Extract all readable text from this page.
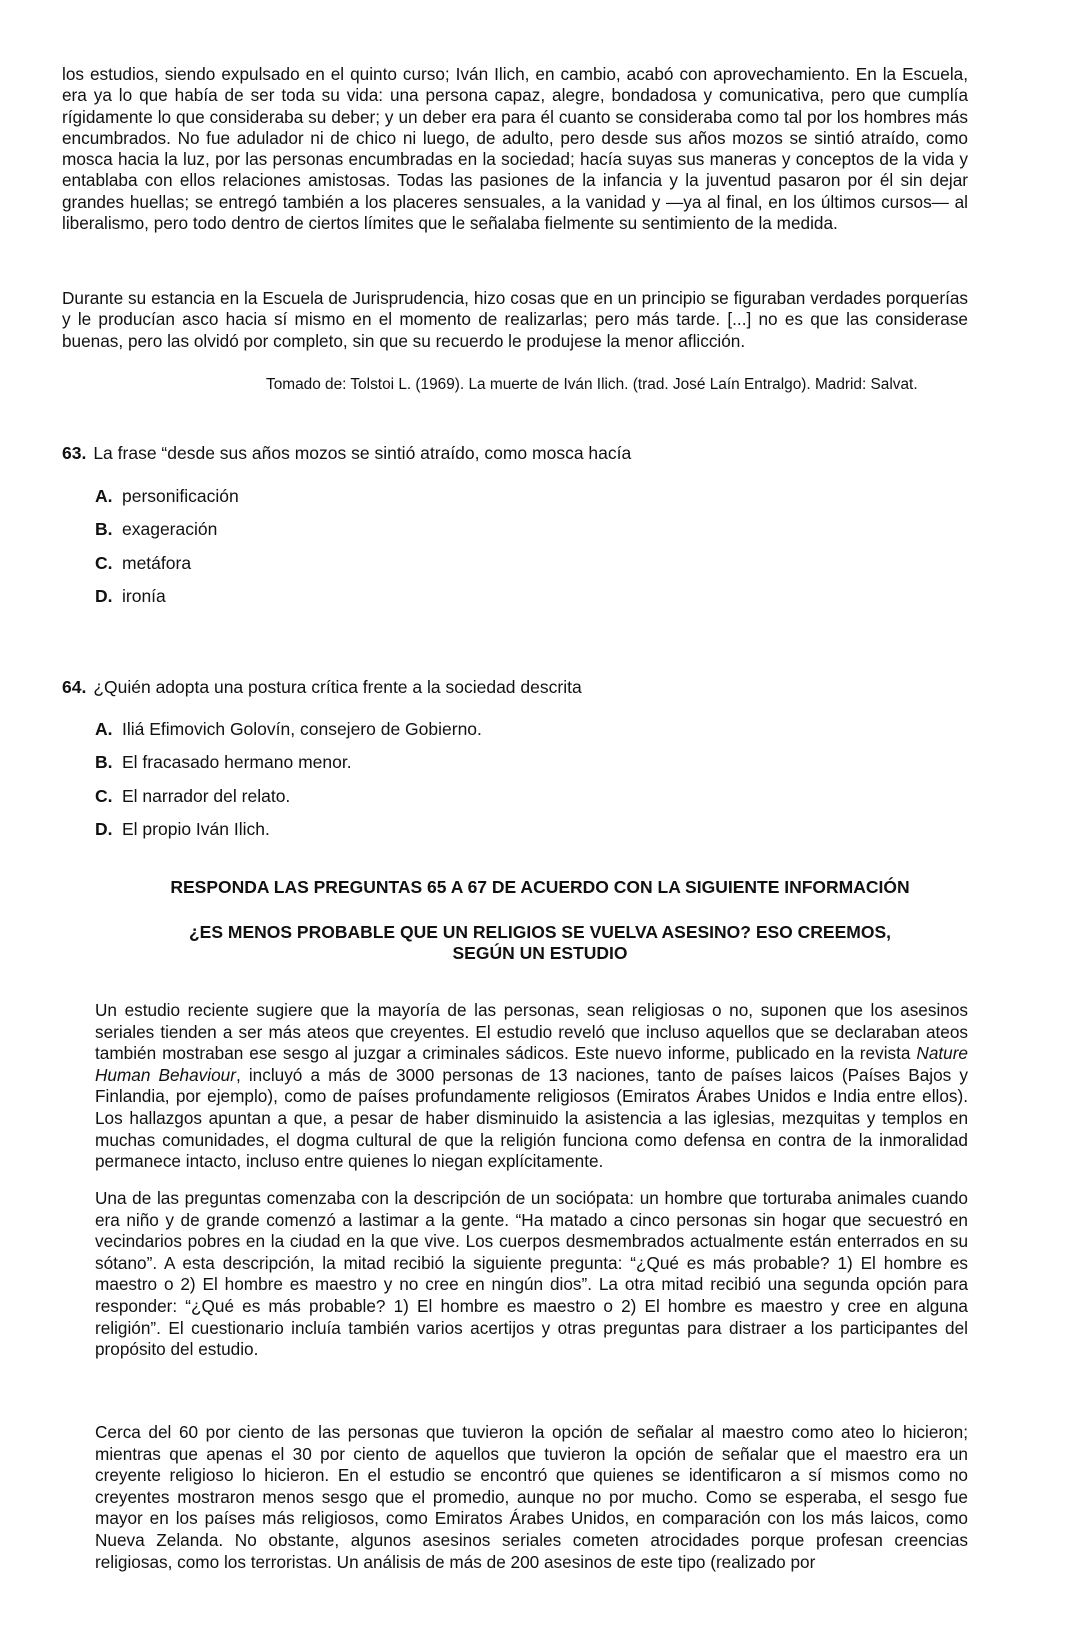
los estudios, siendo expulsado en el quinto curso; Iván Ilich, en cambio, acabó con aprovechamiento. En la Escuela, era ya lo que había de ser toda su vida: una persona capaz, alegre, bondadosa y comunicativa, pero que cumplía rígidamente lo que consideraba su deber; y un deber era para él cuanto se consideraba como tal por los hombres más encumbrados. No fue adulador ni de chico ni luego, de adulto, pero desde sus años mozos se sintió atraído, como mosca hacia la luz, por las personas encumbradas en la sociedad; hacía suyas sus maneras y conceptos de la vida y entablaba con ellos relaciones amistosas. Todas las pasiones de la infancia y la juventud pasaron por él sin dejar grandes huellas; se entregó también a los placeres sensuales, a la vanidad y —ya al final, en los últimos cursos— al liberalismo, pero todo dentro de ciertos límites que le señalaba fielmente su sentimiento de la medida.

Durante su estancia en la Escuela de Jurisprudencia, hizo cosas que en un principio se figuraban verdades porquerías y le producían asco hacia sí mismo en el momento de realizarlas; pero más tarde. [...] no es que las considerase buenas, pero las olvidó por completo, sin que su recuerdo le produjese la menor aflicción.

Tomado de: Tolstoi L. (1969). La muerte de Iván Ilich. (trad. José Laín Entralgo). Madrid: Salvat.
63. La frase “desde sus años mozos se sintió atraído, como mosca hacía
A. personificación
B. exageración
C. metáfora
D. ironía
64. ¿Quién adopta una postura crítica frente a la sociedad descrita
A. Iliá Efimovich Golovín, consejero de Gobierno.
B. El fracasado hermano menor.
C. El narrador del relato.
D. El propio Iván Ilich.
RESPONDA LAS PREGUNTAS 65 A 67 DE ACUERDO CON LA SIGUIENTE INFORMACIÓN
¿ES MENOS PROBABLE QUE UN RELIGIOS SE VUELVA ASESINO? ESO CREEMOS,
SEGÚN UN ESTUDIO

Un estudio reciente sugiere que la mayoría de las personas, sean religiosas o no, suponen que los asesinos seriales tienden a ser más ateos que creyentes. El estudio reveló que incluso aquellos que se declaraban ateos también mostraban ese sesgo al juzgar a criminales sádicos. Este nuevo informe, publicado en la revista Nature Human Behaviour, incluyó a más de 3000 personas de 13 naciones, tanto de países laicos (Países Bajos y Finlandia, por ejemplo), como de países profundamente religiosos (Emiratos Árabes Unidos e India entre ellos). Los hallazgos apuntan a que, a pesar de haber disminuido la asistencia a las iglesias, mezquitas y templos en muchas comunidades, el dogma cultural de que la religión funciona como defensa en contra de la inmoralidad permanece intacto, incluso entre quienes lo niegan explícitamente.

Una de las preguntas comenzaba con la descripción de un sociópata: un hombre que torturaba animales cuando era niño y de grande comenzó a lastimar a la gente. “Ha matado a cinco personas sin hogar que secuestró en vecindarios pobres en la ciudad en la que vive. Los cuerpos desmembrados actualmente están enterrados en su sótano”. A esta descripción, la mitad recibió la siguiente pregunta: “¿Qué es más probable? 1) El hombre es maestro o 2) El hombre es maestro y no cree en ningún dios”. La otra mitad recibió una segunda opción para responder: “¿Qué es más probable? 1) El hombre es maestro o 2) El hombre es maestro y cree en alguna religión”. El cuestionario incluía también varios acertijos y otras preguntas para distraer a los participantes del propósito del estudio.

Cerca del 60 por ciento de las personas que tuvieron la opción de señalar al maestro como ateo lo hicieron; mientras que apenas el 30 por ciento de aquellos que tuvieron la opción de señalar que el maestro era un creyente religioso lo hicieron. En el estudio se encontró que quienes se identificaron a sí mismos como no creyentes mostraron menos sesgo que el promedio, aunque no por mucho. Como se esperaba, el sesgo fue mayor en los países más religiosos, como Emiratos Árabes Unidos, en comparación con los más laicos, como Nueva Zelanda. No obstante, algunos asesinos seriales cometen atrocidades porque profesan creencias religiosas, como los terroristas. Un análisis de más de 200 asesinos de este tipo (realizado por
